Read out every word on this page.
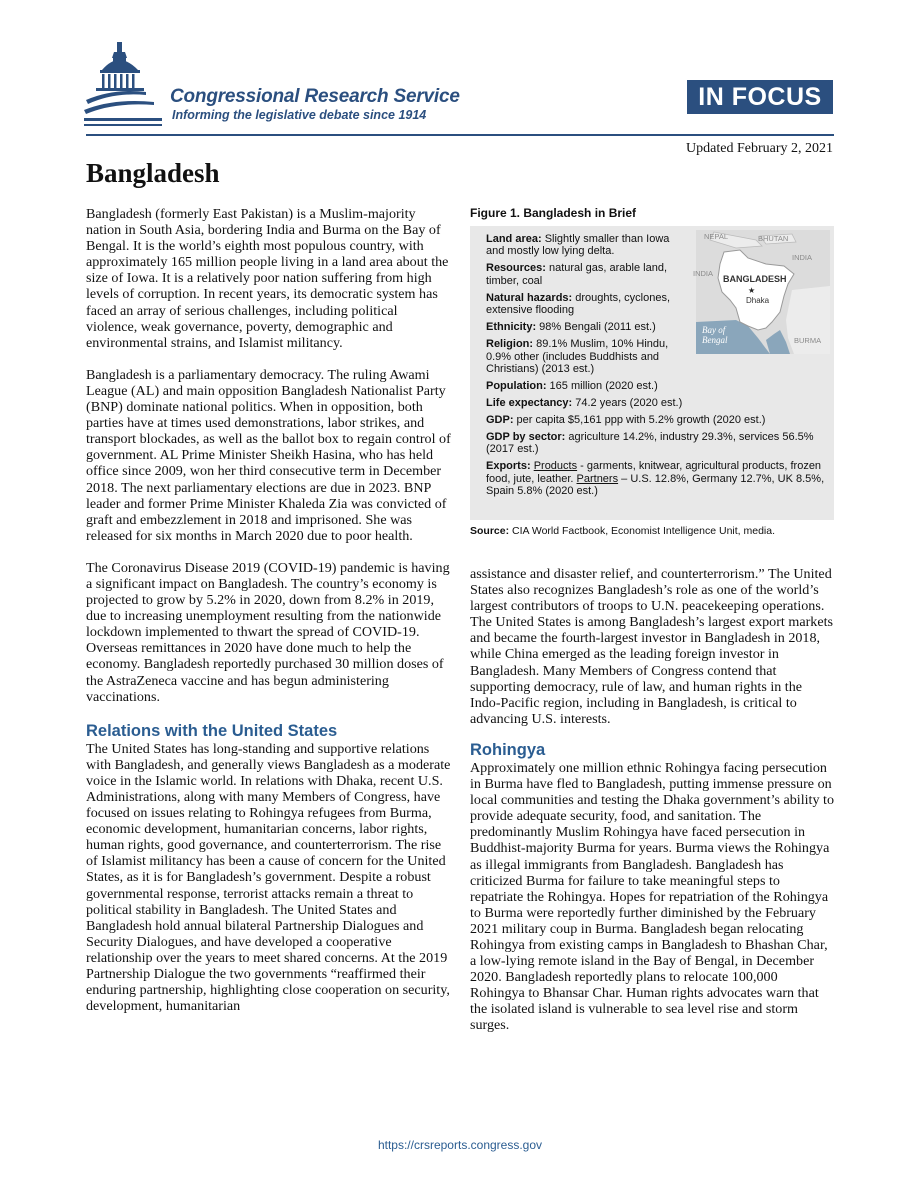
Congressional Research Service
Informing the legislative debate since 1914
IN FOCUS
Updated February 2, 2021
Bangladesh

Bangladesh (formerly East Pakistan) is a Muslim-majority nation in South Asia, bordering India and Burma on the Bay of Bengal. It is the world’s eighth most populous country, with approximately 165 million people living in a land area about the size of Iowa. It is a relatively poor nation suffering from high levels of corruption. In recent years, its democratic system has faced an array of serious challenges, including political violence, weak governance, poverty, demographic and environmental strains, and Islamist militancy.

Bangladesh is a parliamentary democracy. The ruling Awami League (AL) and main opposition Bangladesh Nationalist Party (BNP) dominate national politics. When in opposition, both parties have at times used demonstrations, labor strikes, and transport blockades, as well as the ballot box to regain control of government. AL Prime Minister Sheikh Hasina, who has held office since 2009, won her third consecutive term in December 2018. The next parliamentary elections are due in 2023. BNP leader and former Prime Minister Khaleda Zia was convicted of graft and embezzlement in 2018 and imprisoned. She was released for six months in March 2020 due to poor health.

The Coronavirus Disease 2019 (COVID-19) pandemic is having a significant impact on Bangladesh. The country’s economy is projected to grow by 5.2% in 2020, down from 8.2% in 2019, due to increasing unemployment resulting from the nationwide lockdown implemented to thwart the spread of COVID-19. Overseas remittances in 2020 have done much to help the economy. Bangladesh reportedly purchased 30 million doses of the AstraZeneca vaccine and has begun administering vaccinations.

Relations with the United States

The United States has long-standing and supportive relations with Bangladesh, and generally views Bangladesh as a moderate voice in the Islamic world. In relations with Dhaka, recent U.S. Administrations, along with many Members of Congress, have focused on issues relating to Rohingya refugees from Burma, economic development, humanitarian concerns, labor rights, human rights, good governance, and counterterrorism. The rise of Islamist militancy has been a cause of concern for the United States, as it is for Bangladesh’s government. Despite a robust governmental response, terrorist attacks remain a threat to political stability in Bangladesh. The United States and Bangladesh hold annual bilateral Partnership Dialogues and Security Dialogues, and have developed a cooperative relationship over the years to meet shared concerns. At the 2019 Partnership Dialogue the two governments “reaffirmed their enduring partnership, highlighting close cooperation on security, development, humanitarian

Figure 1. Bangladesh in Brief
NEPAL	BHUTAN
INDIA
INDIA
BANGLADESH
★
Dhaka
Bay of
Bengal	BURMA
Land area: Slightly smaller than Iowa and mostly low lying delta.
Resources: natural gas, arable land, timber, coal
Natural hazards: droughts, cyclones, extensive flooding
Ethnicity: 98% Bengali (2011 est.)
Religion: 89.1% Muslim, 10% Hindu, 0.9% other (includes Buddhists and Christians) (2013 est.)
Population: 165 million (2020 est.)
Life expectancy: 74.2 years (2020 est.)
GDP: per capita $5,161 ppp with 5.2% growth (2020 est.)
GDP by sector: agriculture 14.2%, industry 29.3%, services 56.5% (2017 est.)
Exports: Products - garments, knitwear, agricultural products, frozen food, jute, leather. Partners – U.S. 12.8%, Germany 12.7%, UK 8.5%, Spain 5.8% (2020 est.)
Source: CIA World Factbook, Economist Intelligence Unit, media.

assistance and disaster relief, and counterterrorism.” The United States also recognizes Bangladesh’s role as one of the world’s largest contributors of troops to U.N. peacekeeping operations. The United States is among Bangladesh’s largest export markets and became the fourth-largest investor in Bangladesh in 2018, while China emerged as the leading foreign investor in Bangladesh. Many Members of Congress contend that supporting democracy, rule of law, and human rights in the Indo-Pacific region, including in Bangladesh, is critical to advancing U.S. interests.

Rohingya

Approximately one million ethnic Rohingya facing persecution in Burma have fled to Bangladesh, putting immense pressure on local communities and testing the Dhaka government’s ability to provide adequate security, food, and sanitation. The predominantly Muslim Rohingya have faced persecution in Buddhist-majority Burma for years. Burma views the Rohingya as illegal immigrants from Bangladesh. Bangladesh has criticized Burma for failure to take meaningful steps to repatriate the Rohingya. Hopes for repatriation of the Rohingya to Burma were reportedly further diminished by the February 2021 military coup in Burma. Bangladesh began relocating Rohingya from existing camps in Bangladesh to Bhashan Char, a low-lying remote island in the Bay of Bengal, in December 2020. Bangladesh reportedly plans to relocate 100,000 Rohingya to Bhansar Char. Human rights advocates warn that the isolated island is vulnerable to sea level rise and storm surges.

https://crsreports.congress.gov
